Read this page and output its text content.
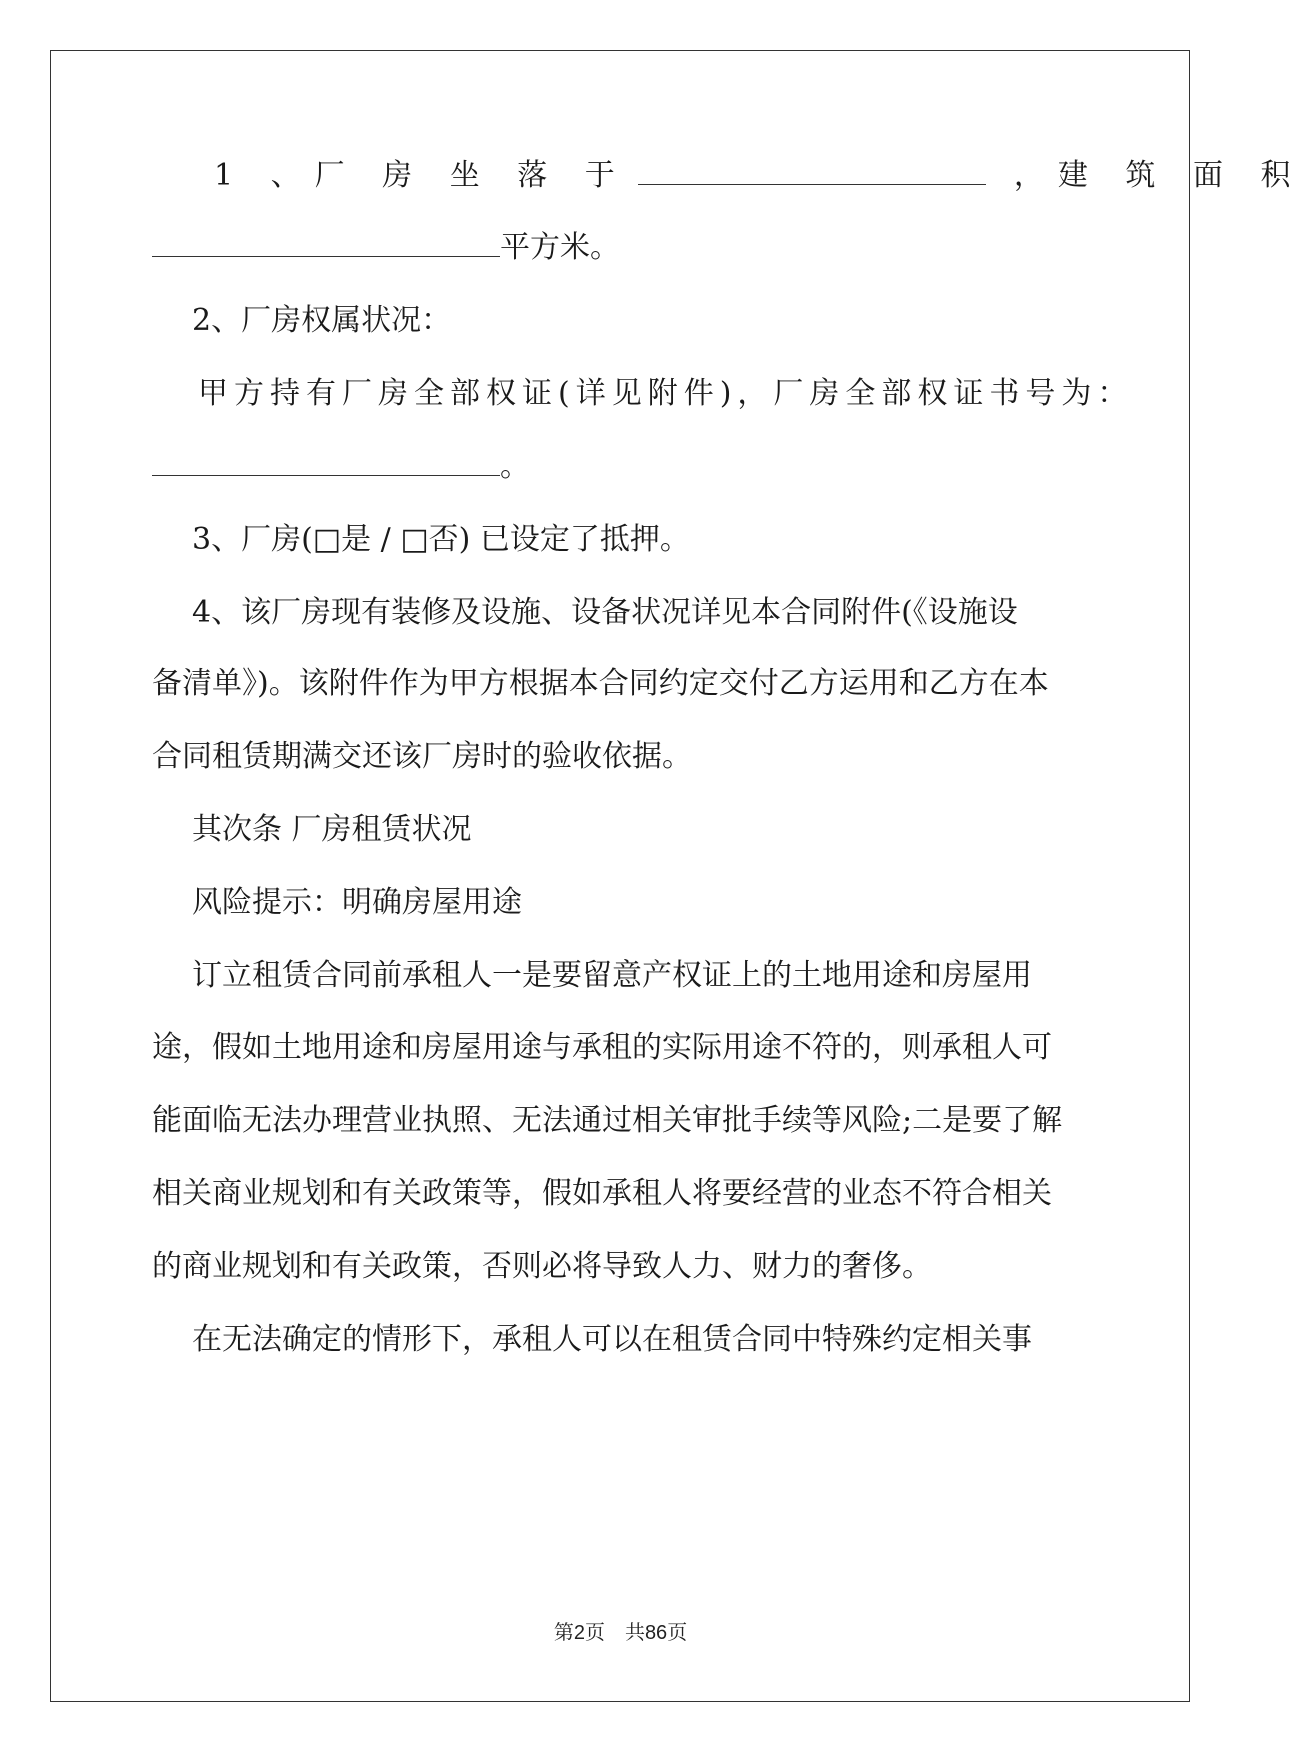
1 、厂 房 坐 落 于	，建 筑 面 积
平方米。
2、厂房权属状况：
甲方持有厂房全部权证(详见附件)，厂房全部权证书号为：
。
3、厂房(□是 / □否) 已设定了抵押。
4、该厂房现有装修及设施、设备状况详见本合同附件(《设施设
备清单》)。该附件作为甲方根据本合同约定交付乙方运用和乙方在本
合同租赁期满交还该厂房时的验收依据。
其次条 厂房租赁状况
风险提示：明确房屋用途
订立租赁合同前承租人一是要留意产权证上的土地用途和房屋用
途，假如土地用途和房屋用途与承租的实际用途不符的，则承租人可
能面临无法办理营业执照、无法通过相关审批手续等风险;二是要了解
相关商业规划和有关政策等，假如承租人将要经营的业态不符合相关
的商业规划和有关政策，否则必将导致人力、财力的奢侈。
在无法确定的情形下，承租人可以在租赁合同中特殊约定相关事
第2页 共86页
